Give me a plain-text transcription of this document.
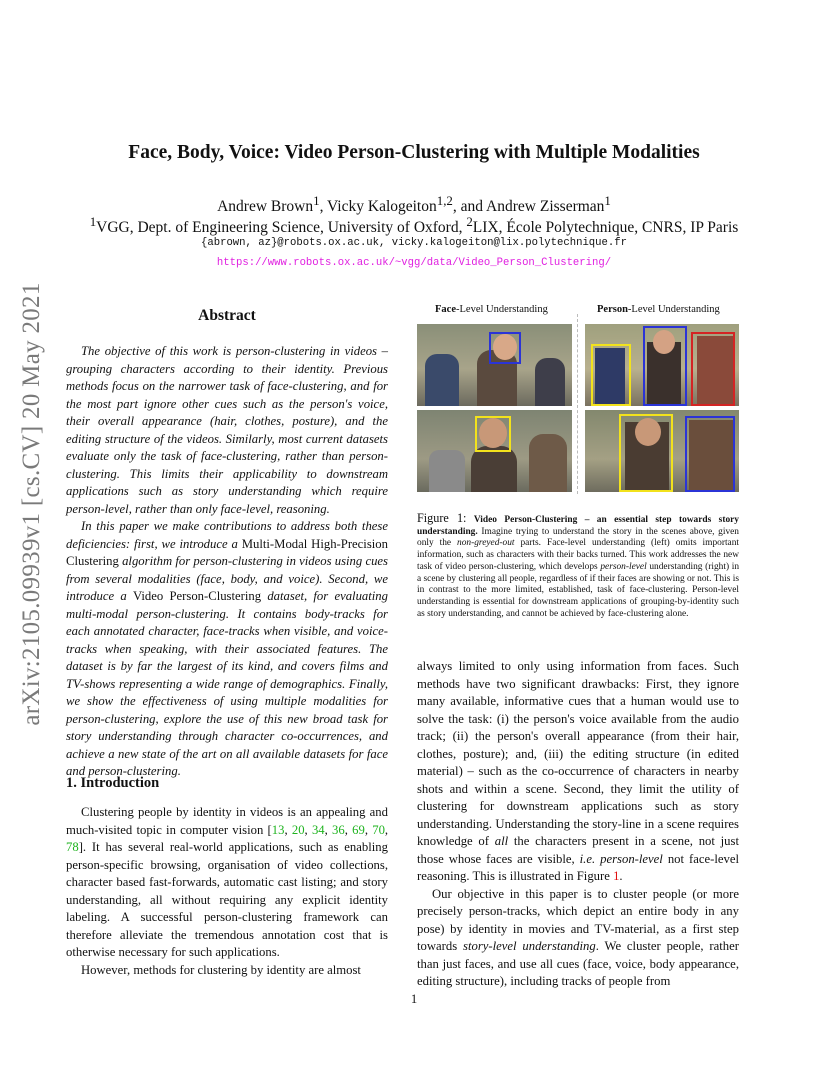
arXiv:2105.09939v1 [cs.CV] 20 May 2021
Face, Body, Voice: Video Person-Clustering with Multiple Modalities
Andrew Brown$^1$, Vicky Kalogeiton$^{1,2}$, and Andrew Zisserman$^1$
$^1$VGG, Dept. of Engineering Science, University of Oxford, $^2$LIX, École Polytechnique, CNRS, IP Paris
{abrown, az}@robots.ox.ac.uk, vicky.kalogeiton@lix.polytechnique.fr
https://www.robots.ox.ac.uk/~vgg/data/Video_Person_Clustering/
Abstract

The objective of this work is person-clustering in videos – grouping characters according to their identity. Previous methods focus on the narrower task of face-clustering, and for the most part ignore other cues such as the person's voice, their overall appearance (hair, clothes, posture), and the editing structure of the videos. Similarly, most current datasets evaluate only the task of face-clustering, rather than person-clustering. This limits their applicability to downstream applications such as story understanding which require person-level, rather than only face-level, reasoning.

In this paper we make contributions to address both these deficiencies: first, we introduce a Multi-Modal High-Precision Clustering algorithm for person-clustering in videos using cues from several modalities (face, body, and voice). Second, we introduce a Video Person-Clustering dataset, for evaluating multi-modal person-clustering. It contains body-tracks for each annotated character, face-tracks when visible, and voice-tracks when speaking, with their associated features. The dataset is by far the largest of its kind, and covers films and TV-shows representing a wide range of demographics. Finally, we show the effectiveness of using multiple modalities for person-clustering, explore the use of this new broad task for story understanding through character co-occurrences, and achieve a new state of the art on all available datasets for face and person-clustering.

1. Introduction

Clustering people by identity in videos is an appealing and much-visited topic in computer vision [13, 20, 34, 36, 69, 70, 78]. It has several real-world applications, such as enabling person-specific browsing, organisation of video collections, character based fast-forwards, automatic cast listing; and story understanding, all without requiring any explicit identity labeling. A successful person-clustering framework can therefore alleviate the tremendous annotation cost that is otherwise necessary for such applications.

However, methods for clustering by identity are almost

Face-Level Understanding	Person-Level Understanding
Figure 1: Video Person-Clustering – an essential step towards story understanding. Imagine trying to understand the story in the scenes above, given only the non-greyed-out parts. Face-level understanding (left) omits important information, such as characters with their backs turned. This work addresses the new task of video person-clustering, which develops person-level understanding (right) in a scene by clustering all people, regardless of if their faces are showing or not. This is in contrast to the more limited, established, task of face-clustering. Person-level understanding is essential for downstream applications of grouping-by-identity such as story understanding, and cannot be achieved by face-clustering alone.

always limited to only using information from faces. Such methods have two significant drawbacks: First, they ignore many available, informative cues that a human would use to solve the task: (i) the person's voice available from the audio track; (ii) the person's overall appearance (from their hair, clothes, posture); and, (iii) the editing structure (in edited material) – such as the co-occurrence of characters in nearby shots and within a scene. Second, they limit the utility of clustering for downstream applications such as story understanding. Understanding the story-line in a scene requires knowledge of all the characters present in a scene, not just those whose faces are visible, i.e. person-level not face-level reasoning. This is illustrated in Figure 1.

Our objective in this paper is to cluster people (or more precisely person-tracks, which depict an entire body in any pose) by identity in movies and TV-material, as a first step towards story-level understanding. We cluster people, rather than just faces, and use all cues (face, voice, body appearance, editing structure), including tracks of people from

1
